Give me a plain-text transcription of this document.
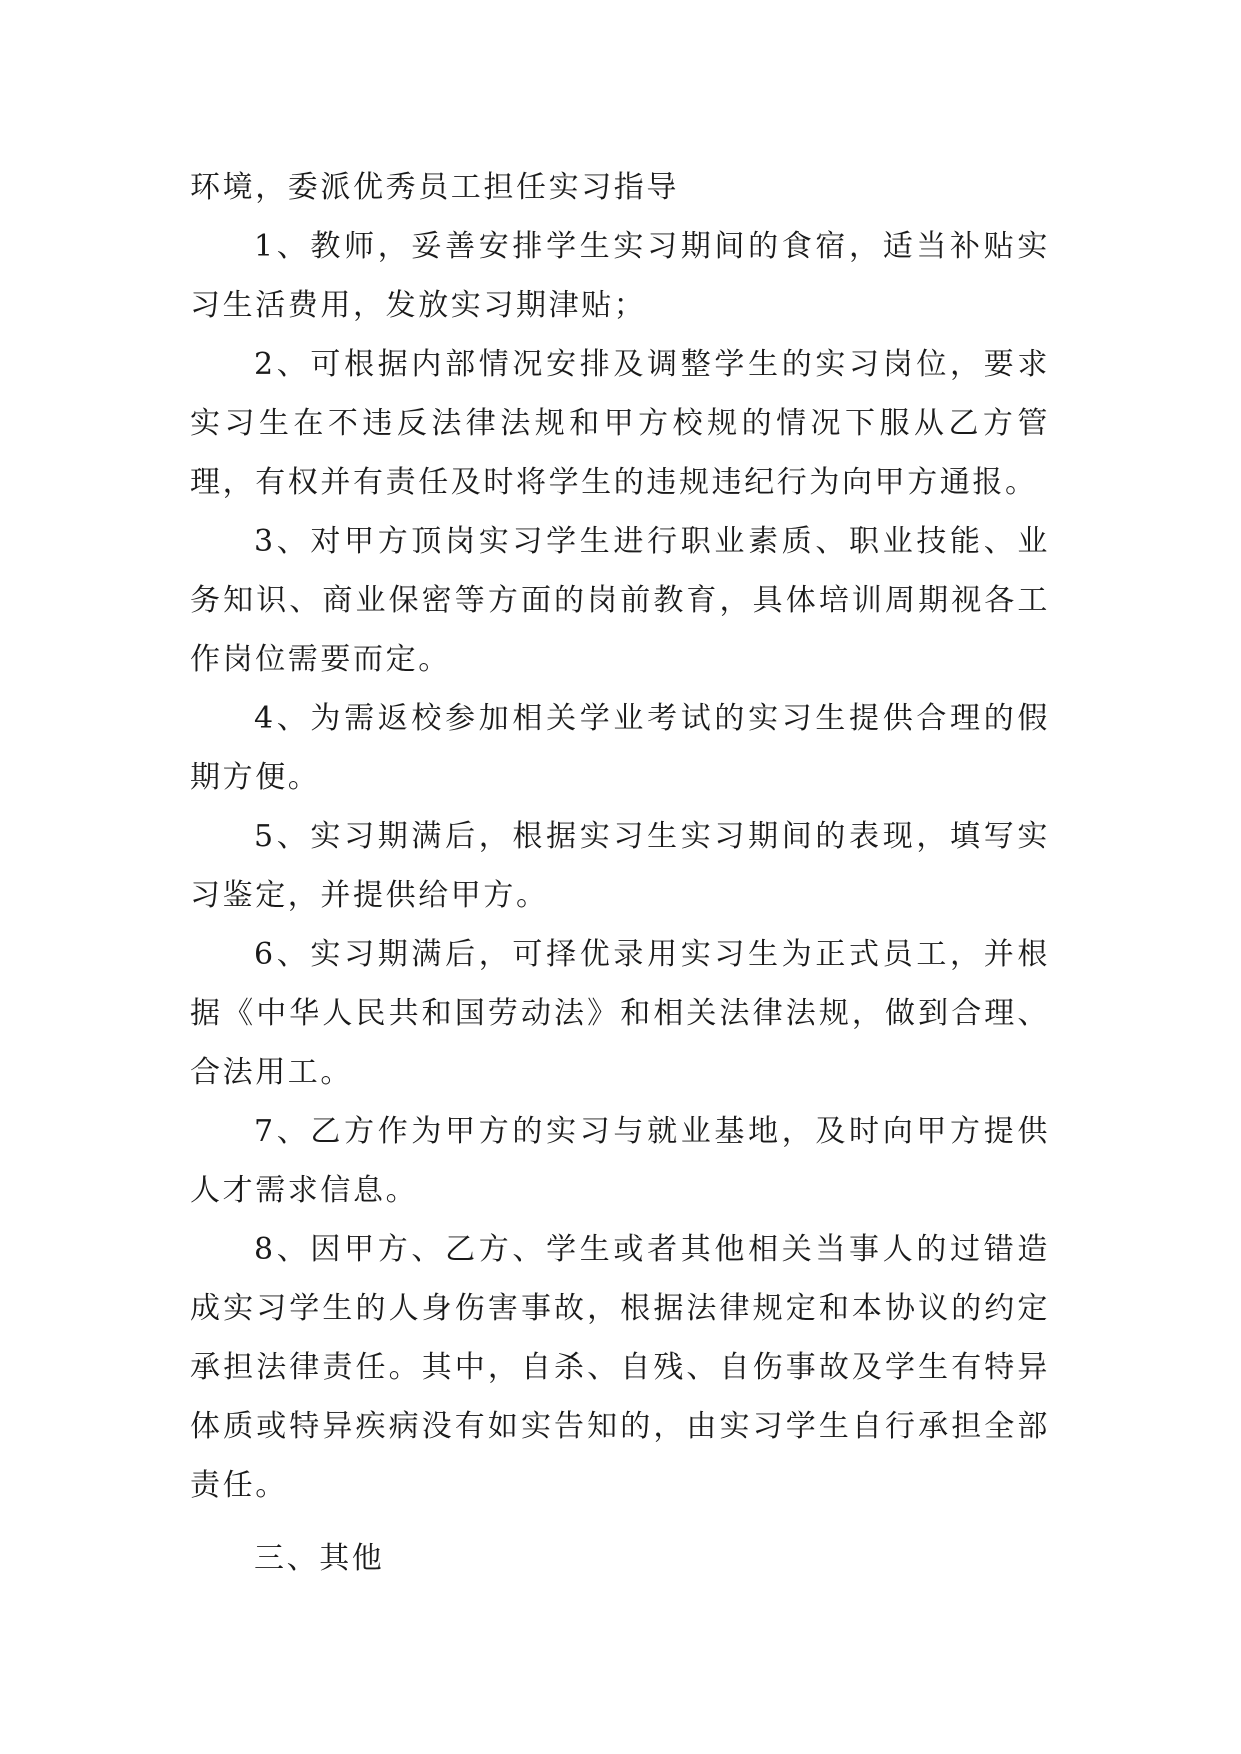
环境，委派优秀员工担任实习指导

1、教师，妥善安排学生实习期间的食宿，适当补贴实习生活费用，发放实习期津贴；

2、可根据内部情况安排及调整学生的实习岗位，要求实习生在不违反法律法规和甲方校规的情况下服从乙方管理，有权并有责任及时将学生的违规违纪行为向甲方通报。

3、对甲方顶岗实习学生进行职业素质、职业技能、业务知识、商业保密等方面的岗前教育，具体培训周期视各工作岗位需要而定。

4、为需返校参加相关学业考试的实习生提供合理的假期方便。

5、实习期满后，根据实习生实习期间的表现，填写实习鉴定，并提供给甲方。

6、实习期满后，可择优录用实习生为正式员工，并根据《中华人民共和国劳动法》和相关法律法规，做到合理、合法用工。

7、乙方作为甲方的实习与就业基地，及时向甲方提供人才需求信息。

8、因甲方、乙方、学生或者其他相关当事人的过错造成实习学生的人身伤害事故，根据法律规定和本协议的约定承担法律责任。其中，自杀、自残、自伤事故及学生有特异体质或特异疾病没有如实告知的，由实习学生自行承担全部责任。

三、其他
